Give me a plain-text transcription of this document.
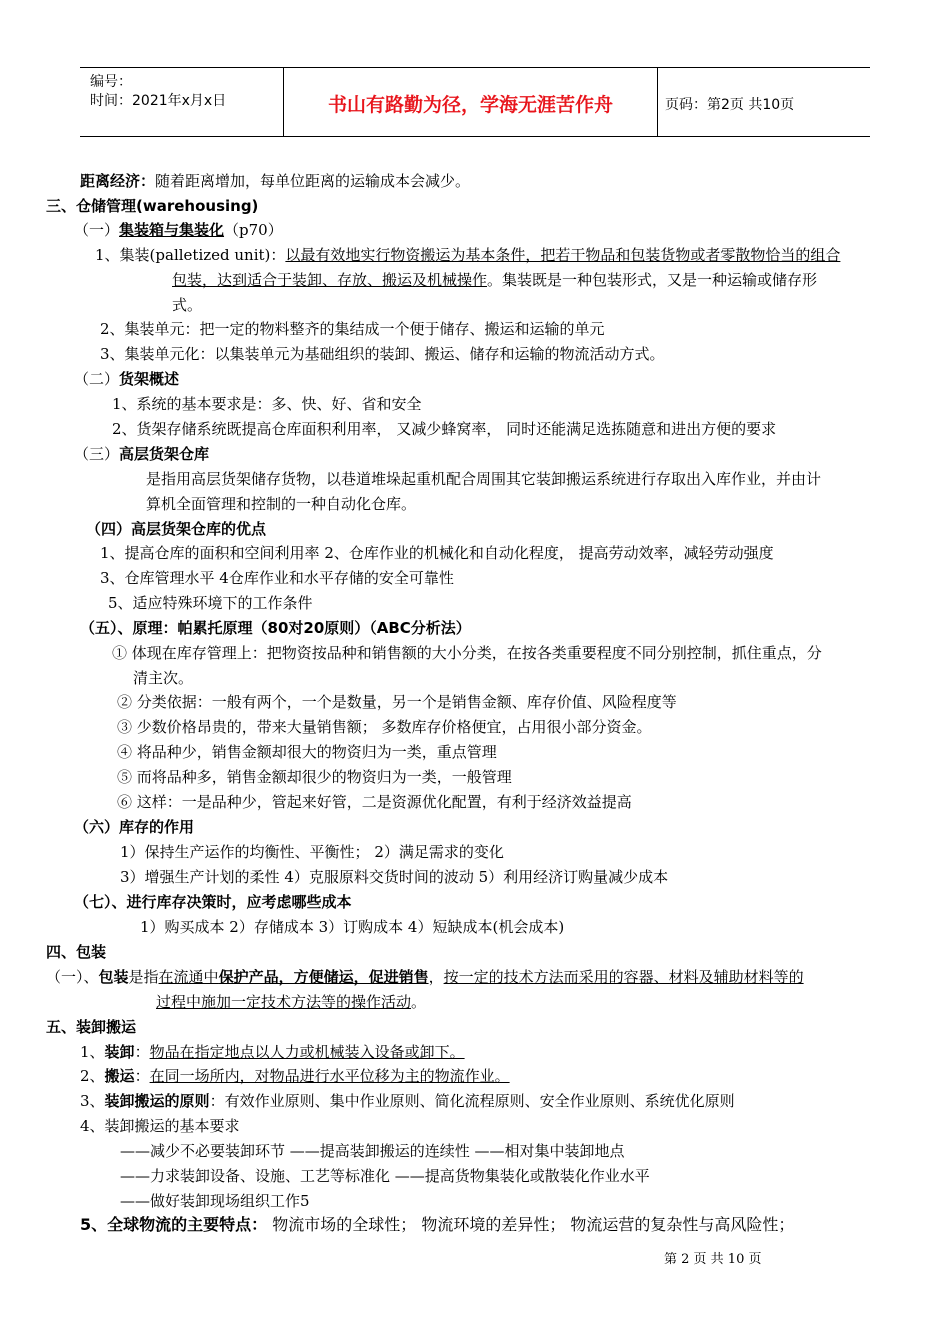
编号：
时间：2021年x月x日	书山有路勤为径，学海无涯苦作舟	页码：第2页 共10页
距离经济：随着距离增加，每单位距离的运输成本会减少。
三、仓储管理(warehousing)
（一）集装箱与集装化（p70）
1、集装(palletized unit)：以最有效地实行物资搬运为基本条件，把若干物品和包装货物或者零散物恰当的组合
包装，达到适合于装卸、存放、搬运及机械操作。集装既是一种包装形式，又是一种运输或储存形
式。
2、集装单元：把一定的物料整齐的集结成一个便于储存、搬运和运输的单元
3、集装单元化：以集装单元为基础组织的装卸、搬运、储存和运输的物流活动方式。
（二）货架概述
1、系统的基本要求是：多、快、好、省和安全
2、货架存储系统既提高仓库面积利用率， 又减少蜂窝率， 同时还能满足选拣随意和进出方便的要求
（三）高层货架仓库
是指用高层货架储存货物，以巷道堆垛起重机配合周围其它装卸搬运系统进行存取出入库作业，并由计
算机全面管理和控制的一种自动化仓库。
（四）高层货架仓库的优点
1、提高仓库的面积和空间利用率 2、仓库作业的机械化和自动化程度， 提高劳动效率，减轻劳动强度
3、仓库管理水平 4仓库作业和水平存储的安全可靠性
5、适应特殊环境下的工作条件
（五）、原理：帕累托原理（80对20原则）（ABC分析法）
① 体现在库存管理上：把物资按品种和销售额的大小分类，在按各类重要程度不同分别控制，抓住重点，分
清主次。
② 分类依据：一般有两个，一个是数量，另一个是销售金额、库存价值、风险程度等
③ 少数价格昂贵的，带来大量销售额； 多数库存价格便宜，占用很小部分资金。
④ 将品种少，销售金额却很大的物资归为一类，重点管理
⑤ 而将品种多，销售金额却很少的物资归为一类，一般管理
⑥ 这样：一是品种少，管起来好管，二是资源优化配置，有利于经济效益提高
（六）库存的作用
1）保持生产运作的均衡性、平衡性； 2）满足需求的变化
3）增强生产计划的柔性 4）克服原料交货时间的波动 5）利用经济订购量减少成本
（七）、进行库存决策时，应考虑哪些成本
1）购买成本 2）存储成本 3）订购成本 4）短缺成本(机会成本)
四、包装
（一）、包装是指在流通中保护产品，方便储运，促进销售，按一定的技术方法而采用的容器、材料及辅助材料等的
过程中施加一定技术方法等的操作活动。
五、装卸搬运
1、装卸：物品在指定地点以人力或机械装入设备或卸下。
2、搬运：在同一场所内，对物品进行水平位移为主的物流作业。
3、装卸搬运的原则：有效作业原则、集中作业原则、简化流程原则、安全作业原则、系统优化原则
4、装卸搬运的基本要求
——减少不必要装卸环节 ——提高装卸搬运的连续性 ——相对集中装卸地点
——力求装卸设备、设施、工艺等标准化 ——提高货物集装化或散装化作业水平
——做好装卸现场组织工作5
5、全球物流的主要特点： 物流市场的全球性； 物流环境的差异性； 物流运营的复杂性与高风险性；
第 2 页 共 10 页
